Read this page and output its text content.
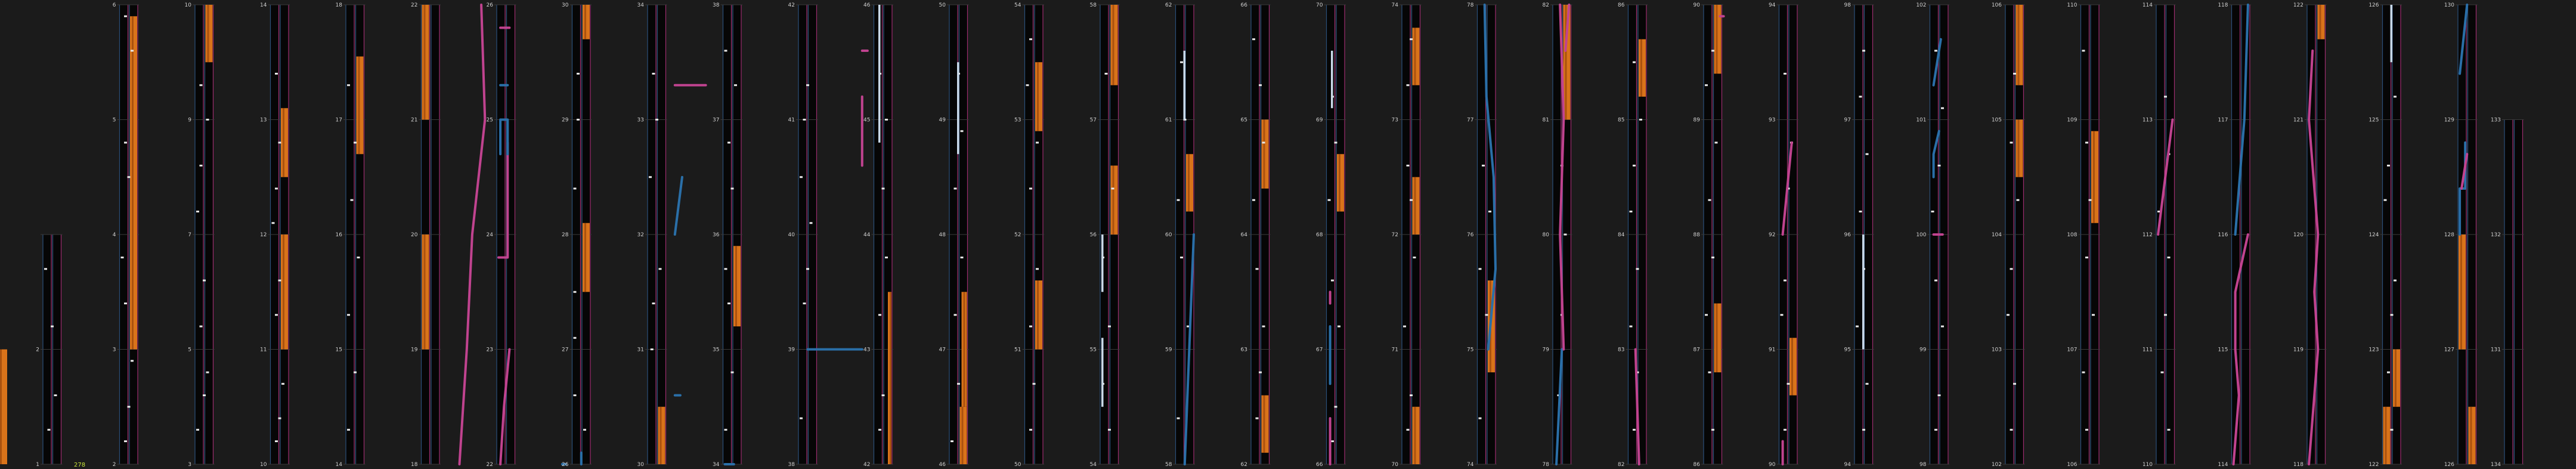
1
2
2
3
4
5
6
3
5
7
9
10
10
11
12
13
14
14
15
16
17
18
18
19
20
21
22
22
23
24
25
26
26
27
28
29
30
30
31
32
33
34
34
35
36
37
38
38
39
40
41
42
42
43
44
45
46
46
47
48
49
50
50
51
52
53
54
54
55
56
57
58
58
59
60
61
62
62
63
64
65
66
66
67
68
69
70
70
71
72
73
74
74
75
76
77
78
78
79
80
81
82
82
83
84
85
86
86
87
88
89
90
90
91
92
93
94
94
95
96
97
98
98
99
100
101
102
102
103
104
105
106
106
107
108
109
110
110
111
112
113
114
114
115
116
117
118
118
119
120
121
122
122
123
124
125
126
126
127
128
129
130
134
131
132
133
278
